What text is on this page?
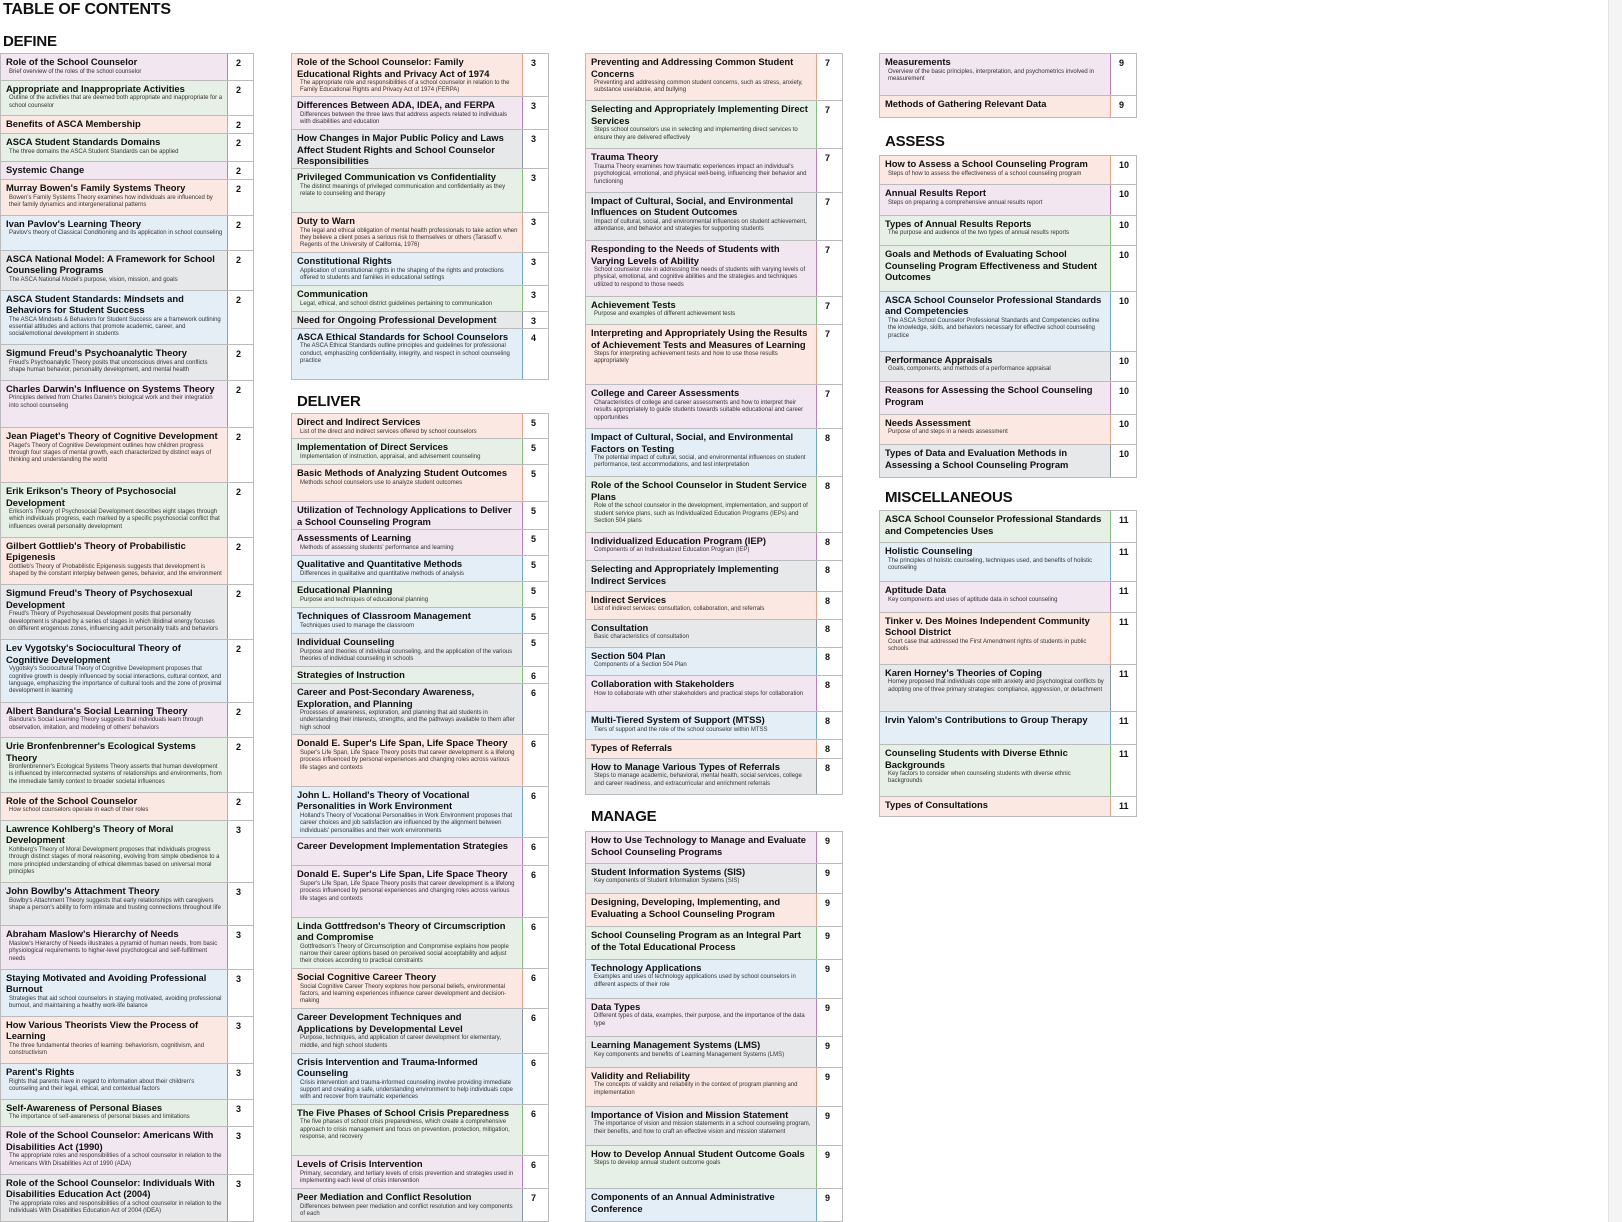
TABLE OF CONTENTS
DEFINE
Role of the School Counselor
Brief overview of the roles of the school counselor
2
Appropriate and Inappropriate Activities
Outline of the activities that are deemed both appropriate and inappropriate for a school counselor
2
Benefits of ASCA Membership	2
ASCA Student Standards Domains
The three domains the ASCA Student Standards can be applied
2
Systemic Change	2
Murray Bowen's Family Systems Theory
Bowen's Family Systems Theory examines how individuals are influenced by their family dynamics and intergenerational patterns
2
Ivan Pavlov's Learning Theory
Pavlov's theory of Classical Conditioning and its application in school counseling
2
ASCA National Model: A Framework for School Counseling Programs
The ASCA National Model's purpose, vision, mission, and goals
2
ASCA Student Standards: Mindsets and Behaviors for Student Success
The ASCA Mindsets & Behaviors for Student Success are a framework outlining essential attitudes and actions that promote academic, career, and social/emotional development in students
2
Sigmund Freud's Psychoanalytic Theory
Freud's Psychoanalytic Theory posits that unconscious drives and conflicts shape human behavior, personality development, and mental health
2
Charles Darwin's Influence on Systems Theory
Principles derived from Charles Darwin's biological work and their integration into school counseling
2
Jean Piaget's Theory of Cognitive Development
Piaget's Theory of Cognitive Development outlines how children progress through four stages of mental growth, each characterized by distinct ways of thinking and understanding the world
2
Erik Erikson's Theory of Psychosocial Development
Erikson's Theory of Psychosocial Development describes eight stages through which individuals progress, each marked by a specific psychosocial conflict that influences overall personality development
2
Gilbert Gottlieb's Theory of Probabilistic Epigenesis
Gottlieb's Theory of Probabilistic Epigenesis suggests that development is shaped by the constant interplay between genes, behavior, and the environment
2
Sigmund Freud's Theory of Psychosexual Development
Freud's Theory of Psychosexual Development posits that personality development is shaped by a series of stages in which libidinal energy focuses on different erogenous zones, influencing adult personality traits and behaviors
2
Lev Vygotsky's Sociocultural Theory of Cognitive Development
Vygotsky's Sociocultural Theory of Cognitive Development proposes that cognitive growth is deeply influenced by social interactions, cultural context, and language, emphasizing the importance of cultural tools and the zone of proximal development in learning
2
Albert Bandura's Social Learning Theory
Bandura's Social Learning Theory suggests that individuals learn through observation, imitation, and modeling of others' behaviors
2
Urie Bronfenbrenner's Ecological Systems Theory
Bronfenbrenner's Ecological Systems Theory asserts that human development is influenced by interconnected systems of relationships and environments, from the immediate family context to broader societal influences
2
Role of the School Counselor
How school counselors operate in each of their roles
2
Lawrence Kohlberg's Theory of Moral Development
Kohlberg's Theory of Moral Development proposes that individuals progress through distinct stages of moral reasoning, evolving from simple obedience to a more principled understanding of ethical dilemmas based on universal moral principles
3
John Bowlby's Attachment Theory
Bowlby's Attachment Theory suggests that early relationships with caregivers shape a person's ability to form intimate and trusting connections throughout life
3
Abraham Maslow's Hierarchy of Needs
Maslow's Hierarchy of Needs illustrates a pyramid of human needs, from basic physiological requirements to higher-level psychological and self-fulfillment needs
3
Staying Motivated and Avoiding Professional Burnout
Strategies that aid school counselors in staying motivated, avoiding professional burnout, and maintaining a healthy work-life balance
3
How Various Theorists View the Process of Learning
The three fundamental theories of learning: behaviorism, cognitivism, and constructivism
3
Parent's Rights
Rights that parents have in regard to information about their children's counseling and their legal, ethical, and contextual factors
3
Self-Awareness of Personal Biases
The importance of self-awareness of personal biases and limitations
3
Role of the School Counselor: Americans With Disabilities Act (1990)
The appropriate roles and responsibilities of a school counselor in relation to the Americans With Disabilities Act of 1990 (ADA)
3
Role of the School Counselor: Individuals With Disabilities Education Act (2004)
The appropriate roles and responsibilities of a school counselor in relation to the Individuals With Disabilities Education Act of 2004 (IDEA)
3
Role of the School Counselor: Family Educational Rights and Privacy Act of 1974
The appropriate role and responsibilities of a school counselor in relation to the Family Educational Rights and Privacy Act of 1974 (FERPA)
3
Differences Between ADA, IDEA, and FERPA
Differences between the three laws that address aspects related to individuals with disabilities and education
3
How Changes in Major Public Policy and Laws Affect Student Rights and School Counselor Responsibilities
3
Privileged Communication vs Confidentiality
The distinct meanings of privileged communication and confidentiality as they relate to counseling and therapy
3
Duty to Warn
The legal and ethical obligation of mental health professionals to take action when they believe a client poses a serious risk to themselves or others (Tarasoff v. Regents of the University of California, 1976)
3
Constitutional Rights
Application of constitutional rights in the shaping of the rights and protections offered to students and families in educational settings
3
Communication
Legal, ethical, and school district guidelines pertaining to communication
3
Need for Ongoing Professional Development	3
ASCA Ethical Standards for School Counselors
The ASCA Ethical Standards outline principles and guidelines for professional conduct, emphasizing confidentiality, integrity, and respect in school counseling practice
4
DELIVER
Direct and Indirect Services
List of the direct and indirect services offered by school counselors
5
Implementation of Direct Services
Implementation of instruction, appraisal, and advisement counseling
5
Basic Methods of Analyzing Student Outcomes
Methods school counselors use to analyze student outcomes
5
Utilization of Technology Applications to Deliver a School Counseling Program
5
Assessments of Learning
Methods of assessing students' performance and learning
5
Qualitative and Quantitative Methods
Differences in qualitative and quantitative methods of analysis
5
Educational Planning
Purpose and techniques of educational planning
5
Techniques of Classroom Management
Techniques used to manage the classroom
5
Individual Counseling
Purpose and theories of individual counseling, and the application of the various theories of individual counseling in schools
5
Strategies of Instruction	6
Career and Post-Secondary Awareness, Exploration, and Planning
Processes of awareness, exploration, and planning that aid students in understanding their interests, strengths, and the pathways available to them after high school
6
Donald E. Super's Life Span, Life Space Theory
Super's Life Span, Life Space Theory posits that career development is a lifelong process influenced by personal experiences and changing roles across various life stages and contexts
6
John L. Holland's Theory of Vocational Personalities in Work Environment
Holland's Theory of Vocational Personalities in Work Environment proposes that career choices and job satisfaction are influenced by the alignment between individuals' personalities and their work environments
6
Career Development Implementation Strategies	6
Donald E. Super's Life Span, Life Space Theory
Super's Life Span, Life Space Theory posits that career development is a lifelong process influenced by personal experiences and changing roles across various life stages and contexts
6
Linda Gottfredson's Theory of Circumscription and Compromise
Gottfredson's Theory of Circumscription and Compromise explains how people narrow their career options based on perceived social acceptability and adjust their choices according to practical constraints
6
Social Cognitive Career Theory
Social Cognitive Career Theory explores how personal beliefs, environmental factors, and learning experiences influence career development and decision-making
6
Career Development Techniques and Applications by Developmental Level
Purpose, techniques, and application of career development for elementary, middle, and high school students
6
Crisis Intervention and Trauma-Informed Counseling
Crisis intervention and trauma-informed counseling involve providing immediate support and creating a safe, understanding environment to help individuals cope with and recover from traumatic experiences
6
The Five Phases of School Crisis Preparedness
The five phases of school crisis preparedness, which create a comprehensive approach to crisis management and focus on prevention, protection, mitigation, response, and recovery
6
Levels of Crisis Intervention
Primary, secondary, and tertiary levels of crisis prevention and strategies used in implementing each level of crisis intervention
6
Peer Mediation and Conflict Resolution
Differences between peer mediation and conflict resolution and key components of each
7
Preventing and Addressing Common Student Concerns
Preventing and addressing common student concerns, such as stress, anxiety, substance use/abuse, and bullying
7
Selecting and Appropriately Implementing Direct Services
Steps school counselors use in selecting and implementing direct services to ensure they are delivered effectively
7
Trauma Theory
Trauma Theory examines how traumatic experiences impact an individual's psychological, emotional, and physical well-being, influencing their behavior and functioning
7
Impact of Cultural, Social, and Environmental Influences on Student Outcomes
Impact of cultural, social, and environmental influences on student achievement, attendance, and behavior and strategies for supporting students
7
Responding to the Needs of Students with Varying Levels of Ability
School counselor role in addressing the needs of students with varying levels of physical, emotional, and cognitive abilities and the strategies and techniques utilized to respond to those needs
7
Achievement Tests
Purpose and examples of different achievement tests
7
Interpreting and Appropriately Using the Results of Achievement Tests and Measures of Learning
Steps for interpreting achievement tests and how to use those results appropriately
7
College and Career Assessments
Characteristics of college and career assessments and how to interpret their results appropriately to guide students towards suitable educational and career opportunities
7
Impact of Cultural, Social, and Environmental Factors on Testing
The potential impact of cultural, social, and environmental influences on student performance, test accommodations, and test interpretation
8
Role of the School Counselor in Student Service Plans
Role of the school counselor in the development, implementation, and support of student service plans, such as Individualized Education Programs (IEPs) and Section 504 plans
8
Individualized Education Program (IEP)
Components of an Individualized Education Program (IEP)
8
Selecting and Appropriately Implementing Indirect Services
8
Indirect Services
List of indirect services: consultation, collaboration, and referrals
8
Consultation
Basic characteristics of consultation
8
Section 504 Plan
Components of a Section 504 Plan
8
Collaboration with Stakeholders
How to collaborate with other stakeholders and practical steps for collaboration
8
Multi-Tiered System of Support (MTSS)
Tiers of support and the role of the school counselor within MTSS
8
Types of Referrals	8
How to Manage Various Types of Referrals
Steps to manage academic, behavioral, mental health, social services, college and career readiness, and extracurricular and enrichment referrals
8
MANAGE
How to Use Technology to Manage and Evaluate School Counseling Programs
9
Student Information Systems (SIS)
Key components of Student Information Systems (SIS)
9
Designing, Developing, Implementing, and Evaluating a School Counseling Program
9
School Counseling Program as an Integral Part of the Total Educational Process
9
Technology Applications
Examples and uses of technology applications used by school counselors in different aspects of their role
9
Data Types
Different types of data, examples, their purpose, and the importance of the data type
9
Learning Management Systems (LMS)
Key components and benefits of Learning Management Systems (LMS)
9
Validity and Reliability
The concepts of validity and reliability in the context of program planning and implementation
9
Importance of Vision and Mission Statement
The importance of vision and mission statements in a school counseling program, their benefits, and how to craft an effective vision and mission statement
9
How to Develop Annual Student Outcome Goals
Steps to develop annual student outcome goals
9
Components of an Annual Administrative Conference
9
Measurements
Overview of the basic principles, interpretation, and psychometrics involved in measurement
9
Methods of Gathering Relevant Data	9
ASSESS
How to Assess a School Counseling Program
Steps of how to assess the effectiveness of a school counseling program
10
Annual Results Report
Steps on preparing a comprehensive annual results report
10
Types of Annual Results Reports
The purpose and audience of the two types of annual results reports
10
Goals and Methods of Evaluating School Counseling Program Effectiveness and Student Outcomes
10
ASCA School Counselor Professional Standards and Competencies
The ASCA School Counselor Professional Standards and Competencies outline the knowledge, skills, and behaviors necessary for effective school counseling practice
10
Performance Appraisals
Goals, components, and methods of a performance appraisal
10
Reasons for Assessing the School Counseling Program
10
Needs Assessment
Purpose of and steps in a needs assessment
10
Types of Data and Evaluation Methods in Assessing a School Counseling Program
10
MISCELLANEOUS
ASCA School Counselor Professional Standards and Competencies Uses
11
Holistic Counseling
The principles of holistic counseling, techniques used, and benefits of holistic counseling
11
Aptitude Data
Key components and uses of aptitude data in school counseling
11
Tinker v. Des Moines Independent Community School District
Court case that addressed the First Amendment rights of students in public schools
11
Karen Horney's Theories of Coping
Horney proposed that individuals cope with anxiety and psychological conflicts by adopting one of three primary strategies: compliance, aggression, or detachment
11
Irvin Yalom's Contributions to Group Therapy	11
Counseling Students with Diverse Ethnic Backgrounds
Key factors to consider when counseling students with diverse ethnic backgrounds
11
Types of Consultations	11
